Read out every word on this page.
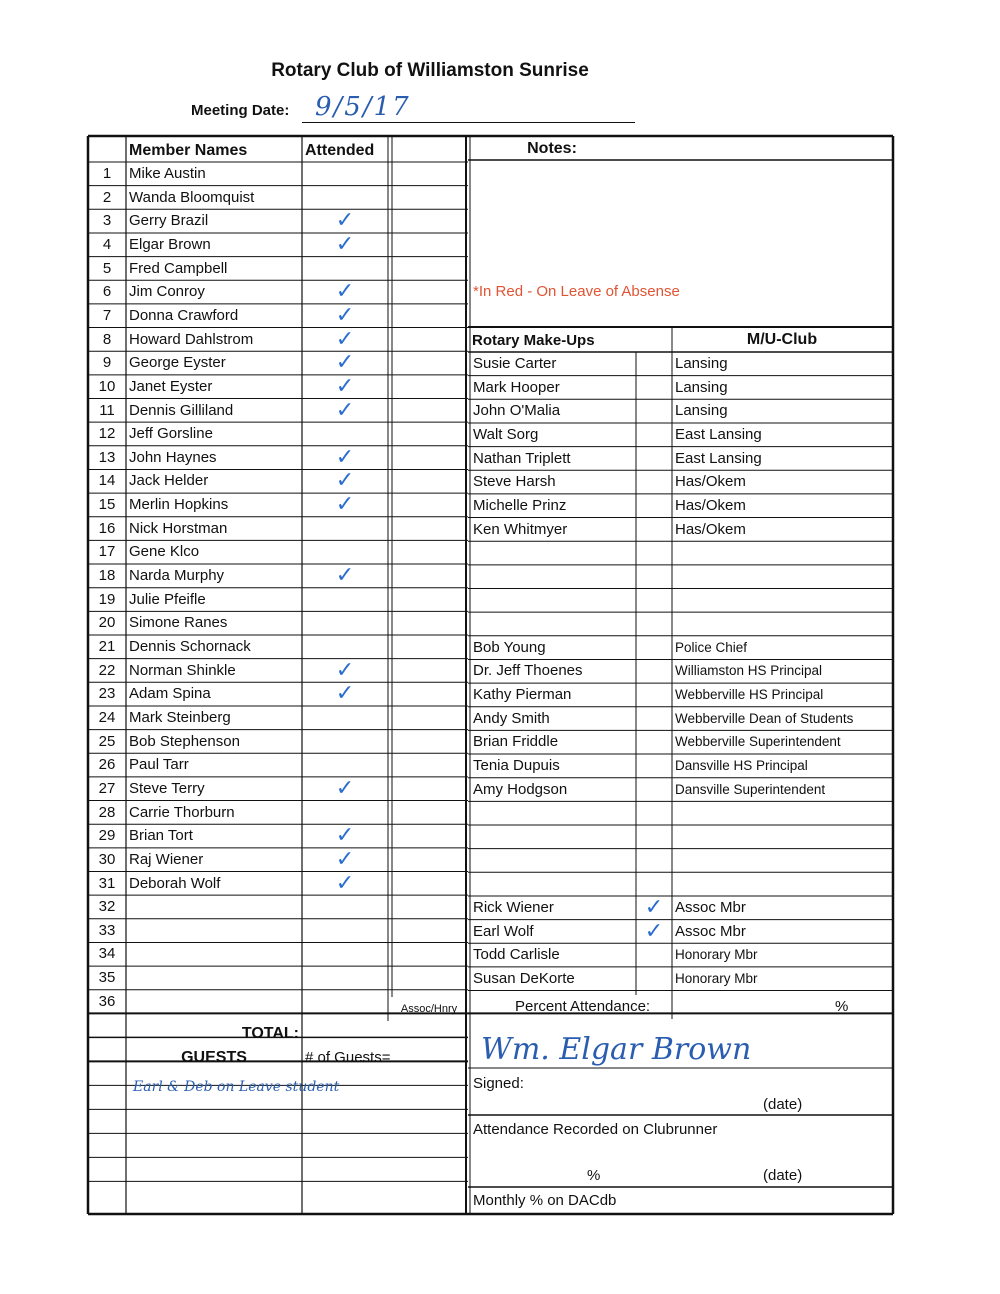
Rotary Club of Williamston Sunrise
Meeting Date: 9/5/17
Member Names	Attended	Notes:
*In Red - On Leave of Absense
Rotary Make-Ups	M/U-Club
1	Mike Austin
2	Wanda Bloomquist
3	Gerry Brazil	✓
4	Elgar Brown	✓
5	Fred Campbell
6	Jim Conroy	✓
7	Donna Crawford	✓
8	Howard Dahlstrom	✓
9	George Eyster	✓
10 Janet Eyster	✓
11 Dennis Gilliland	✓
12 Jeff Gorsline
13 John Haynes	✓
14 Jack Helder	✓
15 Merlin Hopkins	✓
16 Nick Horstman
17 Gene Klco
18 Narda Murphy	✓
19 Julie Pfeifle
20 Simone Ranes
21 Dennis Schornack
22 Norman Shinkle	✓
23 Adam Spina	✓
24 Mark Steinberg
25 Bob Stephenson
26 Paul Tarr
27 Steve Terry	✓
28 Carrie Thorburn
29 Brian Tort	✓
30 Raj Wiener	✓
31 Deborah Wolf	✓
32
33
34
35
36
Susie Carter	Lansing
Mark Hooper	Lansing
John O'Malia	Lansing
Walt Sorg	East Lansing
Nathan Triplett	East Lansing
Steve Harsh	Has/Okem
Michelle Prinz	Has/Okem
Ken Whitmyer	Has/Okem
Bob Young	Police Chief
Dr. Jeff Thoenes	Williamston HS Principal
Kathy Pierman	Webberville HS Principal
Andy Smith	Webberville Dean of Students
Brian Friddle	Webberville Superintendent
Tenia Dupuis	Dansville HS Principal
Amy Hodgson	Dansville Superintendent
Rick Wiener	✓ Assoc Mbr
Earl Wolf	✓ Assoc Mbr
Todd Carlisle	Honorary Mbr
Susan DeKorte	Honorary Mbr
Assoc/Hnry	Percent Attendance:	%
TOTAL:
GUESTS	# of Guests=
Earl & Deb on Leave student
Wm. Elgar Brown
Signed:
(date)
Attendance Recorded on Clubrunner
%	(date)
Monthly % on DACdb
